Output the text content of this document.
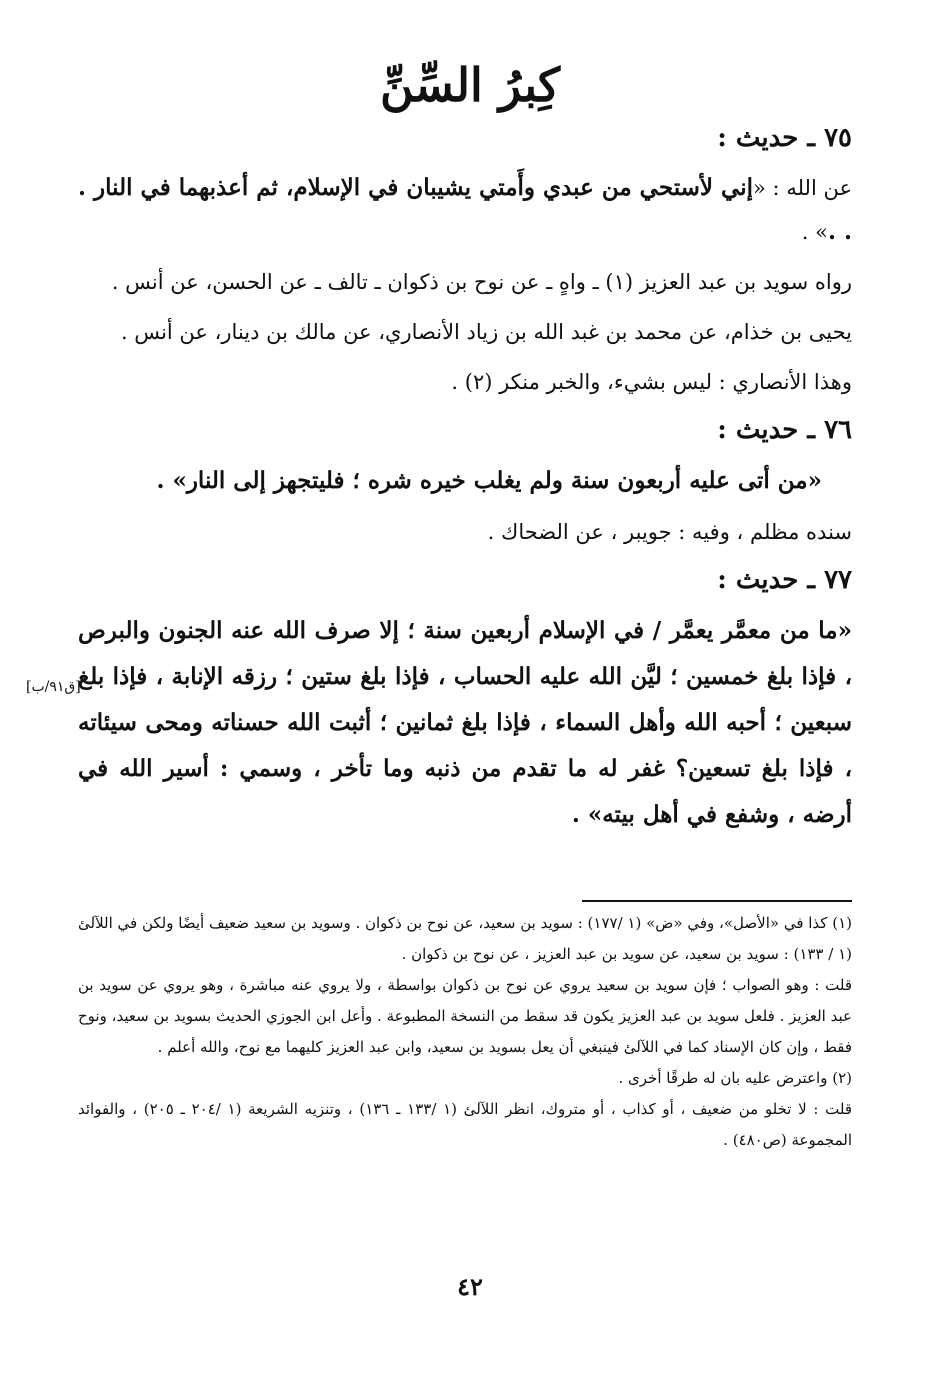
كِبرُ السِّنِّ
[ق٩١/ب]
٧٥ ـ حديث :

عن الله : «إني لأستحي من عبدي وأَمتي يشيبان في الإسلام، ثم أعذبهما في النار . . .» .

رواه سويد بن عبد العزيز (١) ـ واهٍ ـ عن نوح بن ذكوان ـ تالف ـ عن الحسن، عن أنس .

يحيى بن خذام، عن محمد بن غبد الله بن زياد الأنصاري، عن مالك بن دينار، عن أنس .

وهذا الأنصاري : ليس بشيء، والخبر منكر (٢) .

٧٦ ـ حديث :

«من أتى عليه أربعون سنة ولم يغلب خيره شره ؛ فليتجهز إلى النار» .

سنده مظلم ، وفيه : جويبر ، عن الضحاك .

٧٧ ـ حديث :

«ما من معمَّر يعمَّر / في الإسلام أربعين سنة ؛ إلا صرف الله عنه الجنون والبرص ، فإذا بلغ خمسين ؛ ليَّن الله عليه الحساب ، فإذا بلغ ستين ؛ رزقه الإنابة ، فإذا بلغ سبعين ؛ أحبه الله وأهل السماء ، فإذا بلغ ثمانين ؛ أثبت الله حسناته ومحى سيئاته ، فإذا بلغ تسعين؟ غفر له ما تقدم من ذنبه وما تأخر ، وسمي : أسير الله في أرضه ، وشفع في أهل بيته» .

(١) كذا في «الأصل»، وفي «ض» (١ /١٧٧) : سويد بن سعيد، عن نوح بن ذكوان . وسويد بن سعيد ضعيف أيضًا ولكن في اللآلئ (١ / ١٣٣) : سويد بن سعيد، عن سويد بن عبد العزيز ، عن نوح بن ذكوان .

قلت : وهو الصواب ؛ فإن سويد بن سعيد يروي عن نوح بن ذكوان بواسطة ، ولا يروي عنه مباشرة ، وهو يروي عن سويد بن عبد العزيز . فلعل سويد بن عبد العزيز يكون قد سقط من النسخة المطبوعة . وأعل ابن الجوزي الحديث بسويد بن سعيد، ونوح فقط ، وإن كان الإسناد كما في اللآلئ فينبغي أن يعل بسويد بن سعيد، وابن عبد العزيز كليهما مع نوح، والله أعلم .

(٢) واعترض عليه بان له طرقًا أخرى .

قلت : لا تخلو من ضعيف ، أو كذاب ، أو متروك، انظر اللآلئ (١ /١٣٣ ـ ١٣٦) ، وتنزيه الشريعة (١ /٢٠٤ ـ ٢٠٥) ، والفوائد المجموعة (ص٤٨٠) .

٤٢
